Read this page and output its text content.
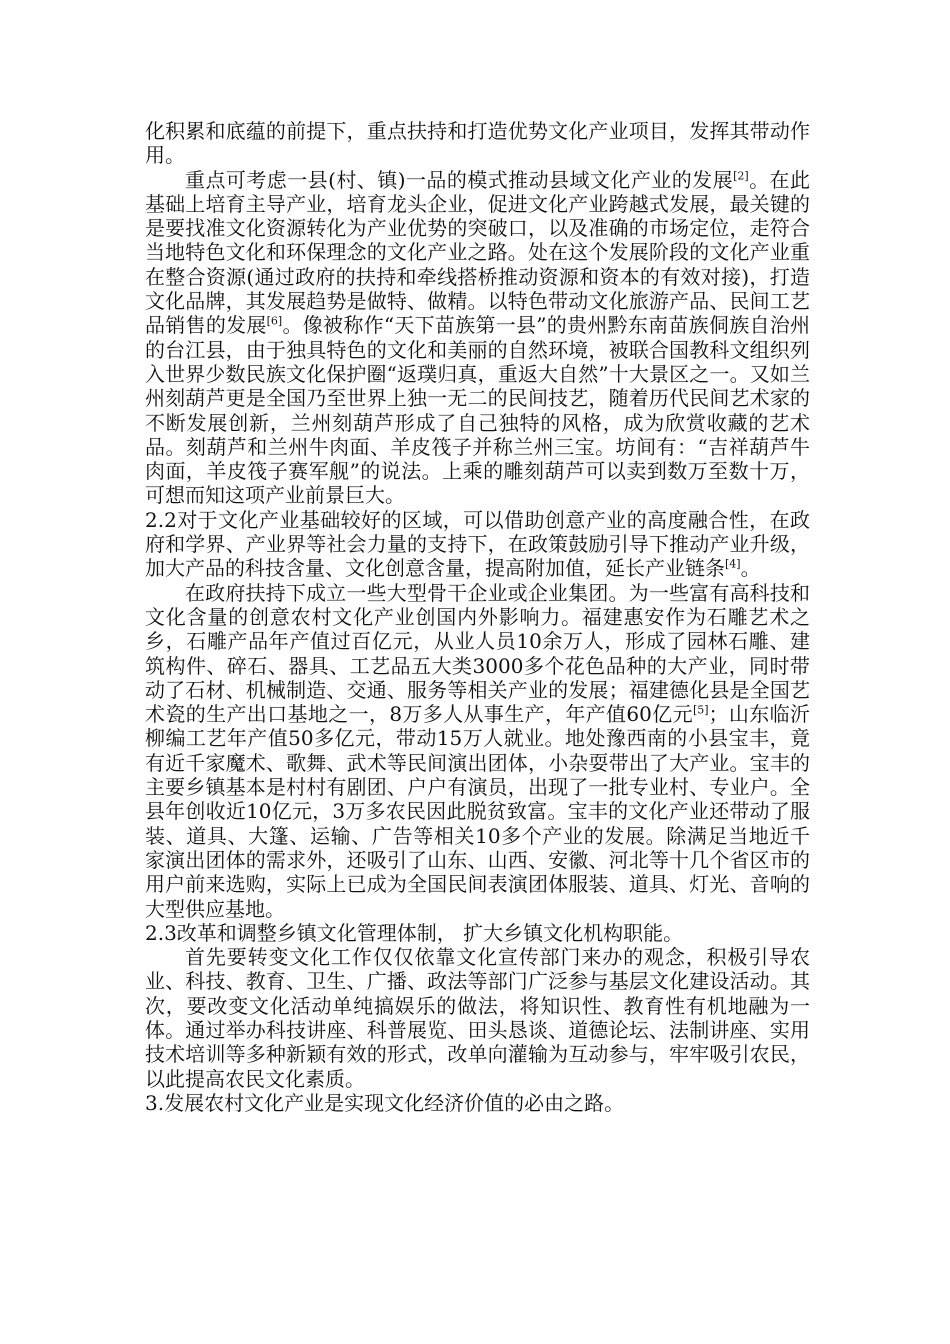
化积累和底蕴的前提下，重点扶持和打造优势文化产业项目，发挥其带动作用。

重点可考虑一县(村、镇)一品的模式推动县域文化产业的发展[2]。在此基础上培育主导产业，培育龙头企业，促进文化产业跨越式发展，最关键的是要找准文化资源转化为产业优势的突破口，以及准确的市场定位，走符合当地特色文化和环保理念的文化产业之路。处在这个发展阶段的文化产业重在整合资源(通过政府的扶持和牵线搭桥推动资源和资本的有效对接)，打造文化品牌，其发展趋势是做特、做精。以特色带动文化旅游产品、民间工艺品销售的发展[6]。像被称作“天下苗族第一县”的贵州黔东南苗族侗族自治州的台江县，由于独具特色的文化和美丽的自然环境，被联合国教科文组织列入世界少数民族文化保护圈“返璞归真，重返大自然”十大景区之一。又如兰州刻葫芦更是全国乃至世界上独一无二的民间技艺，随着历代民间艺术家的不断发展创新，兰州刻葫芦形成了自己独特的风格，成为欣赏收藏的艺术品。刻葫芦和兰州牛肉面、羊皮筏子并称兰州三宝。坊间有：“吉祥葫芦牛肉面，羊皮筏子赛军舰”的说法。上乘的雕刻葫芦可以卖到数万至数十万，可想而知这项产业前景巨大。

2.2对于文化产业基础较好的区域，可以借助创意产业的高度融合性，在政府和学界、产业界等社会力量的支持下，在政策鼓励引导下推动产业升级，加大产品的科技含量、文化创意含量，提高附加值，延长产业链条[4]。

在政府扶持下成立一些大型骨干企业或企业集团。为一些富有高科技和文化含量的创意农村文化产业创国内外影响力。福建惠安作为石雕艺术之乡，石雕产品年产值过百亿元，从业人员10余万人，形成了园林石雕、建筑构件、碎石、器具、工艺品五大类3000多个花色品种的大产业，同时带动了石材、机械制造、交通、服务等相关产业的发展；福建德化县是全国艺术瓷的生产出口基地之一，8万多人从事生产，年产值60亿元[5]；山东临沂柳编工艺年产值50多亿元，带动15万人就业。地处豫西南的小县宝丰，竟有近千家魔术、歌舞、武术等民间演出团体，小杂耍带出了大产业。宝丰的主要乡镇基本是村村有剧团、户户有演员，出现了一批专业村、专业户。全县年创收近10亿元，3万多农民因此脱贫致富。宝丰的文化产业还带动了服装、道具、大篷、运输、广告等相关10多个产业的发展。除满足当地近千家演出团体的需求外，还吸引了山东、山西、安徽、河北等十几个省区市的用户前来选购，实际上已成为全国民间表演团体服装、道具、灯光、音响的大型供应基地。

2.3改革和调整乡镇文化管理体制， 扩大乡镇文化机构职能。

首先要转变文化工作仅仅依靠文化宣传部门来办的观念，积极引导农业、科技、教育、卫生、广播、政法等部门广泛参与基层文化建设活动。其次，要改变文化活动单纯搞娱乐的做法，将知识性、教育性有机地融为一体。通过举办科技讲座、科普展览、田头恳谈、道德论坛、法制讲座、实用技术培训等多种新颖有效的形式，改单向灌输为互动参与，牢牢吸引农民，以此提高农民文化素质。

3.发展农村文化产业是实现文化经济价值的必由之路。
